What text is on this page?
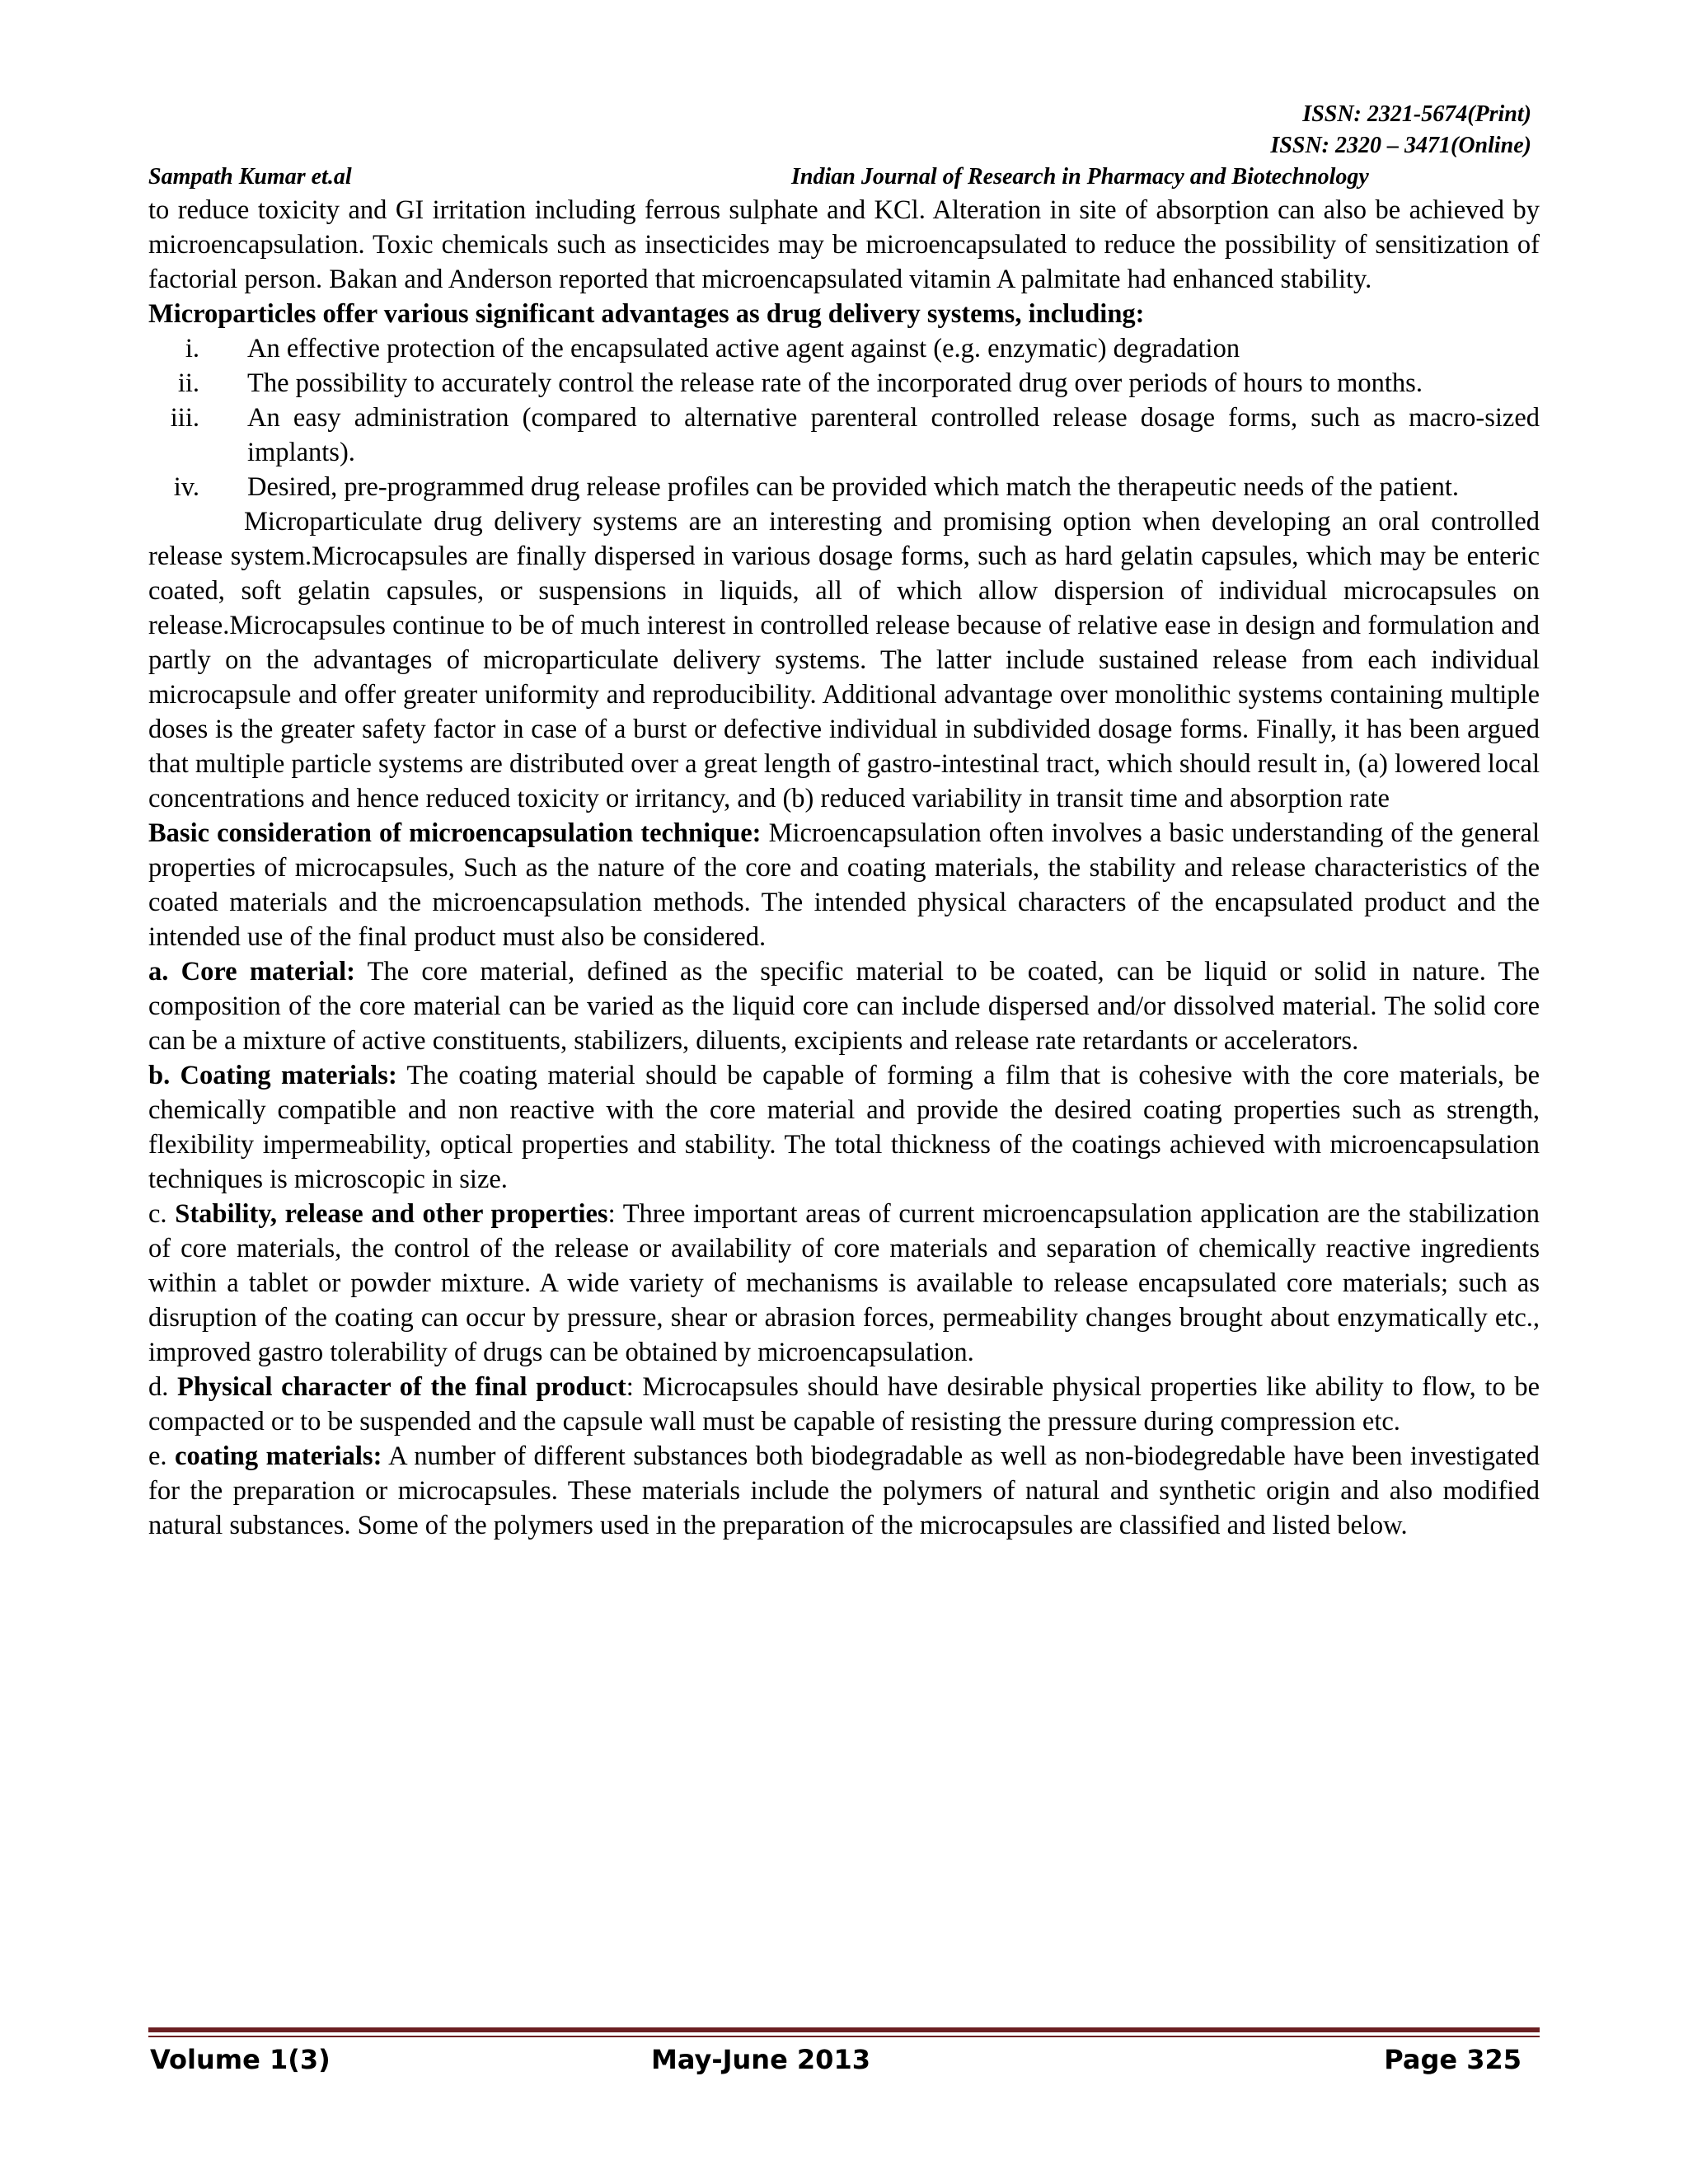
ISSN: 2321-5674(Print)
ISSN: 2320 – 3471(Online)
Sampath Kumar et.al	Indian Journal of Research in Pharmacy and Biotechnology

to reduce toxicity and GI irritation including ferrous sulphate and KCl. Alteration in site of absorption can also be achieved by microencapsulation. Toxic chemicals such as insecticides may be microencapsulated to reduce the possibility of sensitization of factorial person. Bakan and Anderson reported that microencapsulated vitamin A palmitate had enhanced stability.

Microparticles offer various significant advantages as drug delivery systems, including:

i. An effective protection of the encapsulated active agent against (e.g. enzymatic) degradation
ii. The possibility to accurately control the release rate of the incorporated drug over periods of hours to months.
iii. An easy administration (compared to alternative parenteral controlled release dosage forms, such as macro-sized implants).
iv. Desired, pre-programmed drug release profiles can be provided which match the therapeutic needs of the patient.

Microparticulate drug delivery systems are an interesting and promising option when developing an oral controlled release system.Microcapsules are finally dispersed in various dosage forms, such as hard gelatin capsules, which may be enteric coated, soft gelatin capsules, or suspensions in liquids, all of which allow dispersion of individual microcapsules on release.Microcapsules continue to be of much interest in controlled release because of relative ease in design and formulation and partly on the advantages of microparticulate delivery systems. The latter include sustained release from each individual microcapsule and offer greater uniformity and reproducibility. Additional advantage over monolithic systems containing multiple doses is the greater safety factor in case of a burst or defective individual in subdivided dosage forms. Finally, it has been argued that multiple particle systems are distributed over a great length of gastro-intestinal tract, which should result in, (a) lowered local concentrations and hence reduced toxicity or irritancy, and (b) reduced variability in transit time and absorption rate

Basic consideration of microencapsulation technique: Microencapsulation often involves a basic understanding of the general properties of microcapsules, Such as the nature of the core and coating materials, the stability and release characteristics of the coated materials and the microencapsulation methods. The intended physical characters of the encapsulated product and the intended use of the final product must also be considered.

a. Core material: The core material, defined as the specific material to be coated, can be liquid or solid in nature. The composition of the core material can be varied as the liquid core can include dispersed and/or dissolved material. The solid core can be a mixture of active constituents, stabilizers, diluents, excipients and release rate retardants or accelerators.

b. Coating materials: The coating material should be capable of forming a film that is cohesive with the core materials, be chemically compatible and non reactive with the core material and provide the desired coating properties such as strength, flexibility impermeability, optical properties and stability. The total thickness of the coatings achieved with microencapsulation techniques is microscopic in size.

c. Stability, release and other properties: Three important areas of current microencapsulation application are the stabilization of core materials, the control of the release or availability of core materials and separation of chemically reactive ingredients within a tablet or powder mixture. A wide variety of mechanisms is available to release encapsulated core materials; such as disruption of the coating can occur by pressure, shear or abrasion forces, permeability changes brought about enzymatically etc., improved gastro tolerability of drugs can be obtained by microencapsulation.

d. Physical character of the final product: Microcapsules should have desirable physical properties like ability to flow, to be compacted or to be suspended and the capsule wall must be capable of resisting the pressure during compression etc.

e. coating materials: A number of different substances both biodegradable as well as non-biodegredable have been investigated for the preparation or microcapsules. These materials include the polymers of natural and synthetic origin and also modified natural substances. Some of the polymers used in the preparation of the microcapsules are classified and listed below.

Volume 1(3)	May-June 2013	Page 325
